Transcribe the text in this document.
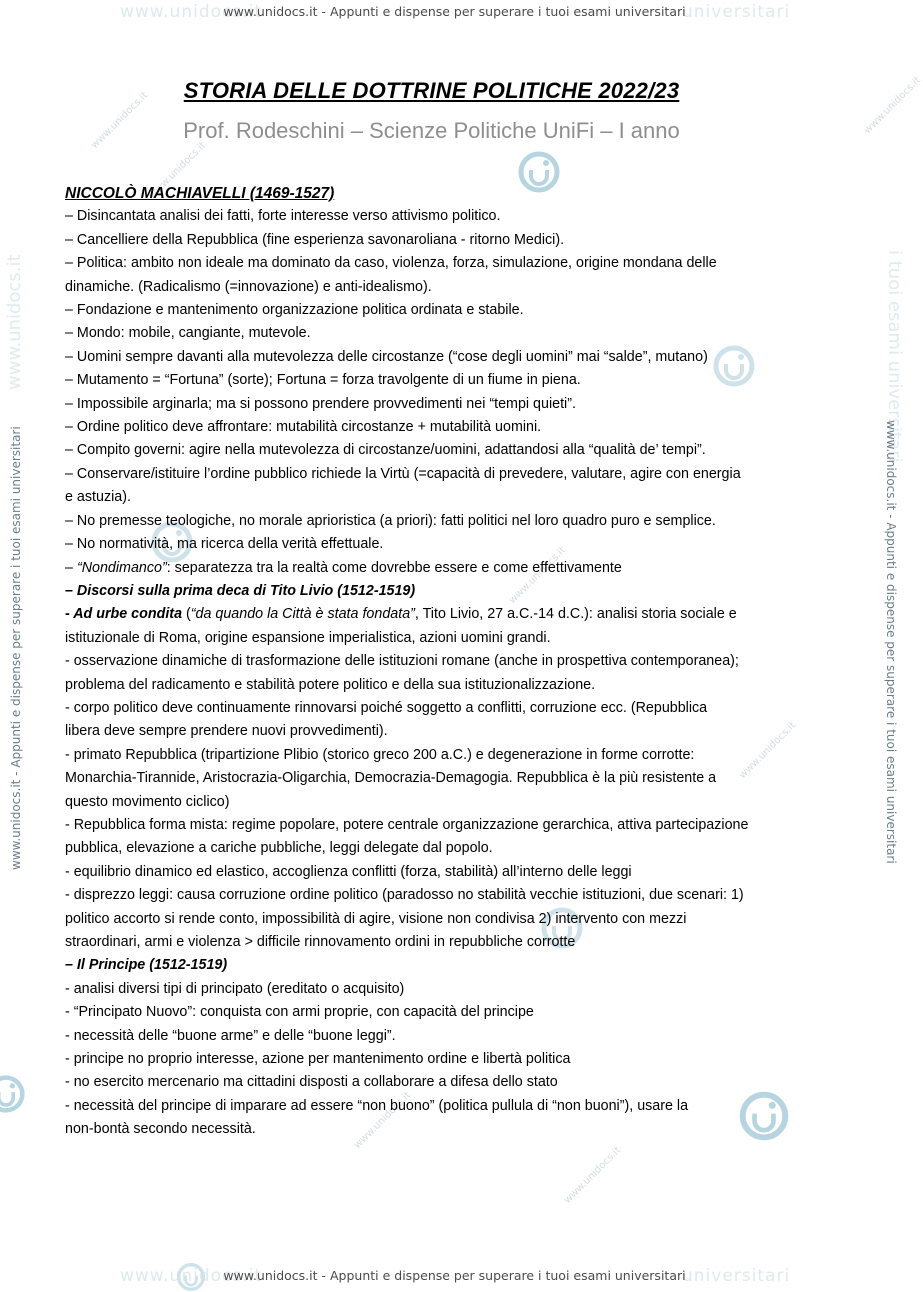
www.unidocs.it	universitari
www.unidocs.it	universitari
www.unidocs.it - Appunti e dispense per superare i tuoi esami universitari
www.unidocs.it - Appunti e dispense per superare i tuoi esami universitari
www.unidocs.it	i tuoi esami universitari
www.unidocs.it - Appunti e dispense per superare i tuoi esami universitari	www.unidocs.it - Appunti e dispense per superare i tuoi esami universitari
www.unidocs.it
www.unidocs.it
www.unidocs.it
www.unidocs.it
www.unidocs.it
www.unidocs.it
www.unidocs.it
STORIA DELLE DOTTRINE POLITICHE 2022/23
Prof. Rodeschini – Scienze Politiche UniFi – I anno
NICCOLÒ MACHIAVELLI (1469-1527)
– Disincantata analisi dei fatti, forte interesse verso attivismo politico.
– Cancelliere della Repubblica (fine esperienza savonaroliana - ritorno Medici).
– Politica: ambito non ideale ma dominato da caso, violenza, forza, simulazione, origine mondana delle
dinamiche. (Radicalismo (=innovazione) e anti-idealismo).
– Fondazione e mantenimento organizzazione politica ordinata e stabile.
– Mondo: mobile, cangiante, mutevole.
– Uomini sempre davanti alla mutevolezza delle circostanze (“cose degli uomini” mai “salde”, mutano)
– Mutamento = “Fortuna” (sorte); Fortuna = forza travolgente di un fiume in piena.
– Impossibile arginarla; ma si possono prendere provvedimenti nei “tempi quieti”.
– Ordine politico deve affrontare: mutabilità circostanze + mutabilità uomini.
– Compito governi: agire nella mutevolezza di circostanze/uomini, adattandosi alla “qualità de’ tempi”.
– Conservare/istituire l’ordine pubblico richiede la Virtù (=capacità di prevedere, valutare, agire con energia
e astuzia).
– No premesse teologiche, no morale aprioristica (a priori): fatti politici nel loro quadro puro e semplice.
– No normatività, ma ricerca della verità effettuale.
– “Nondimanco”: separatezza tra la realtà come dovrebbe essere e come effettivamente
– Discorsi sulla prima deca di Tito Livio (1512-1519)
- Ad urbe condita (“da quando la Città è stata fondata”, Tito Livio, 27 a.C.-14 d.C.): analisi storia sociale e
istituzionale di Roma, origine espansione imperialistica, azioni uomini grandi.
- osservazione dinamiche di trasformazione delle istituzioni romane (anche in prospettiva contemporanea);
problema del radicamento e stabilità potere politico e della sua istituzionalizzazione.
- corpo politico deve continuamente rinnovarsi poiché soggetto a conflitti, corruzione ecc. (Repubblica
libera deve sempre prendere nuovi provvedimenti).
- primato Repubblica (tripartizione Plibio (storico greco 200 a.C.) e degenerazione in forme corrotte:
Monarchia-Tirannide, Aristocrazia-Oligarchia, Democrazia-Demagogia. Repubblica è la più resistente a
questo movimento ciclico)
- Repubblica forma mista: regime popolare, potere centrale organizzazione gerarchica, attiva partecipazione
pubblica, elevazione a cariche pubbliche, leggi delegate dal popolo.
- equilibrio dinamico ed elastico, accoglienza conflitti (forza, stabilità) all’interno delle leggi
- disprezzo leggi: causa corruzione ordine politico (paradosso no stabilità vecchie istituzioni, due scenari: 1)
politico accorto si rende conto, impossibilità di agire, visione non condivisa 2) intervento con mezzi
straordinari, armi e violenza > difficile rinnovamento ordini in repubbliche corrotte
– Il Principe (1512-1519)
- analisi diversi tipi di principato (ereditato o acquisito)
- “Principato Nuovo”: conquista con armi proprie, con capacità del principe
- necessità delle “buone arme” e delle “buone leggi”.
- principe no proprio interesse, azione per mantenimento ordine e libertà politica
- no esercito mercenario ma cittadini disposti a collaborare a difesa dello stato
- necessità del principe di imparare ad essere “non buono” (politica pullula di “non buoni”), usare la
non-bontà secondo necessità.
